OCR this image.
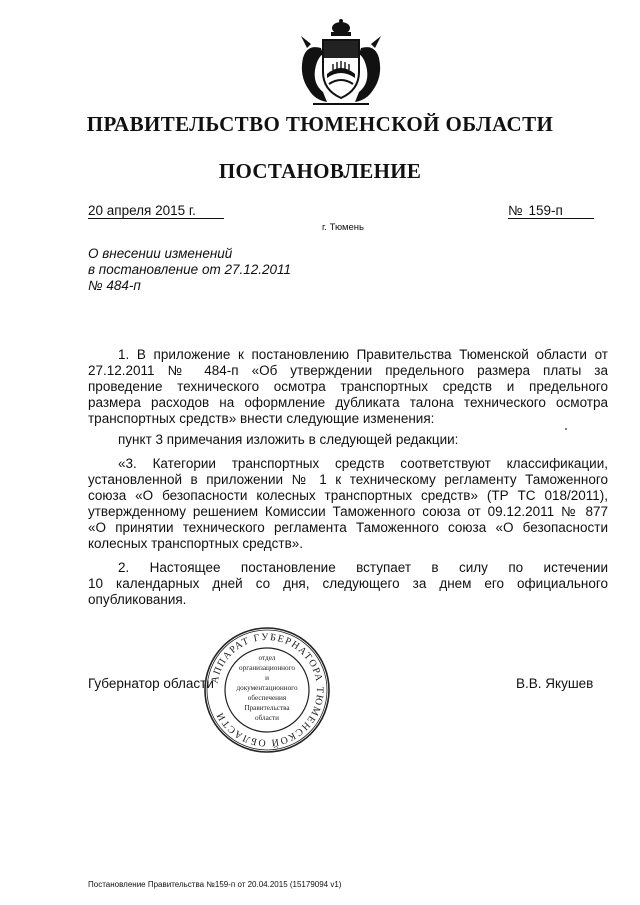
ПРАВИТЕЛЬСТВО ТЮМЕНСКОЙ ОБЛАСТИ
ПОСТАНОВЛЕНИЕ
20 апреля 2015 г.	№ 159-п
г. Тюмень
О внесении изменений
в постановление от 27.12.2011
№ 484-п
1. В приложение к постановлению Правительства Тюменской области от
27.12.2011 № 484-п «Об утверждении предельного размера платы за
проведение технического осмотра транспортных средств и предельного
размера расходов на оформление дубликата талона технического осмотра
транспортных средств» внести следующие изменения:
пункт 3 примечания изложить в следующей редакции:
«3. Категории транспортных средств соответствуют классификации,
установленной в приложении № 1 к техническому регламенту Таможенного
союза «О безопасности колесных транспортных средств» (ТР ТС 018/2011),
утвержденному решением Комиссии Таможенного союза от 09.12.2011 № 877
«О принятии технического регламента Таможенного союза «О безопасности
колесных транспортных средств».
2. Настоящее постановление вступает в силу по истечении
10 календарных дней со дня, следующего за днем его официального
опубликования.
Губернатор области	В.В. Якушев
АППАРАТ ГУБЕРНАТОРА ТЮМЕНСКОЙ ОБЛАСТИ
отдел
организационного
и
документационного
обеспечения
Правительства
области
Постановление Правительства №159-п от 20.04.2015 (15179094 v1)
